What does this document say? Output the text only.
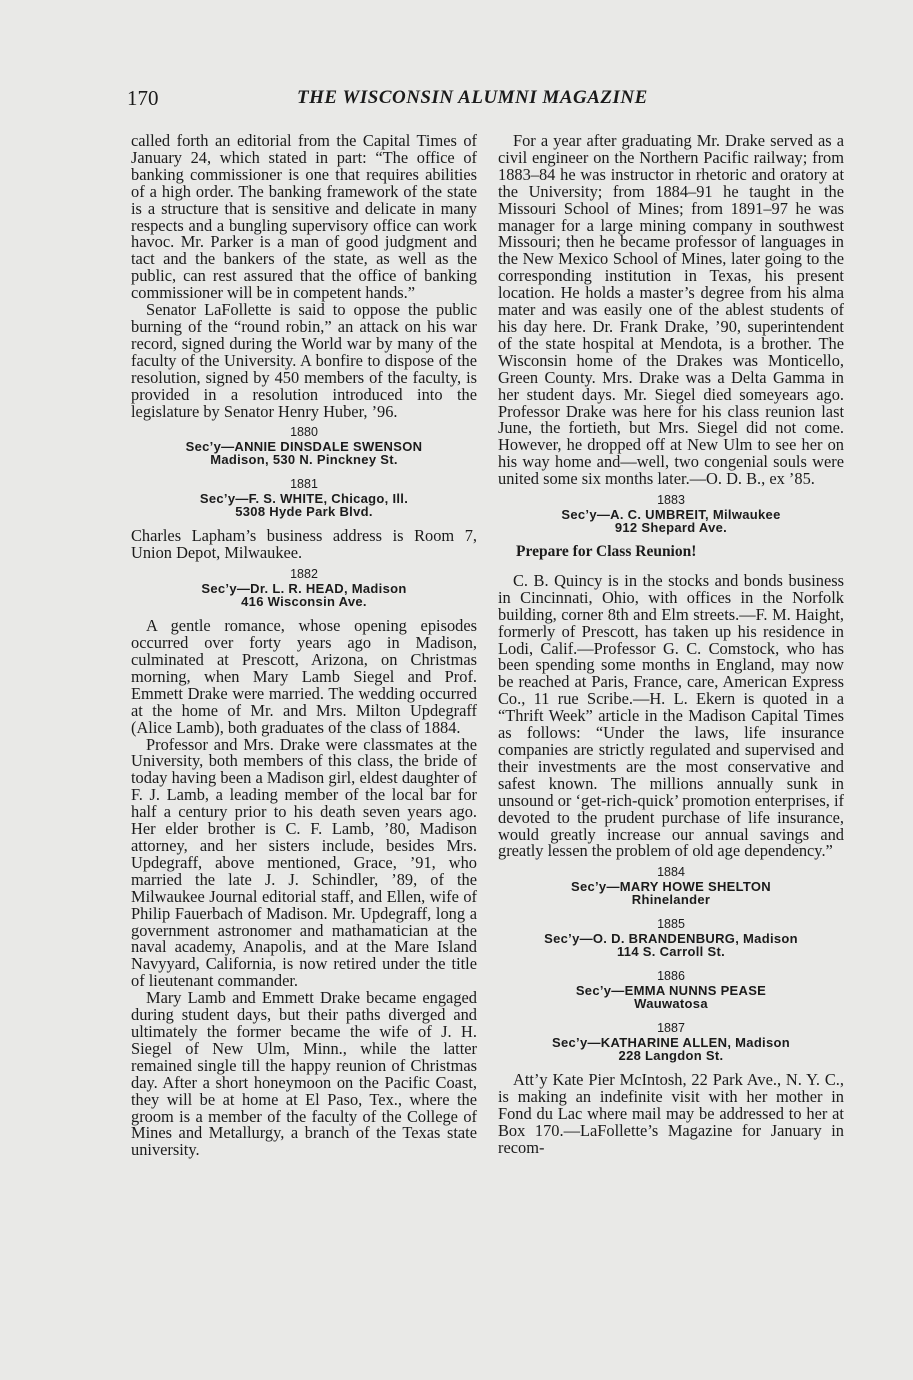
170	THE WISCONSIN ALUMNI MAGAZINE

called forth an editorial from the Capital Times of January 24, which stated in part: “The office of banking commissioner is one that requires abilities of a high order. The banking framework of the state is a structure that is sensitive and delicate in many respects and a bungling supervisory office can work havoc. Mr. Parker is a man of good judgment and tact and the bankers of the state, as well as the public, can rest assured that the office of banking commissioner will be in competent hands.”

Senator LaFollette is said to oppose the public burning of the “round robin,” an attack on his war record, signed during the World war by many of the faculty of the University. A bonfire to dispose of the resolution, signed by 450 members of the faculty, is provided in a resolution introduced into the legislature by Senator Henry Huber, ’96.

1880
Sec’y—ANNIE DINSDALE SWENSON
Madison, 530 N. Pinckney St.
1881
Sec’y—F. S. WHITE, Chicago, Ill.
5308 Hyde Park Blvd.

Charles Lapham’s business address is Room 7, Union Depot, Milwaukee.

1882
Sec’y—Dr. L. R. HEAD, Madison
416 Wisconsin Ave.

A gentle romance, whose opening episodes occurred over forty years ago in Madison, culminated at Prescott, Arizona, on Christmas morning, when Mary Lamb Siegel and Prof. Emmett Drake were married. The wedding occurred at the home of Mr. and Mrs. Milton Updegraff (Alice Lamb), both graduates of the class of 1884.

Professor and Mrs. Drake were classmates at the University, both members of this class, the bride of today having been a Madison girl, eldest daughter of F. J. Lamb, a leading member of the local bar for half a century prior to his death seven years ago. Her elder brother is C. F. Lamb, ’80, Madison attorney, and her sisters include, besides Mrs. Updegraff, above mentioned, Grace, ’91, who married the late J. J. Schindler, ’89, of the Milwaukee Journal editorial staff, and Ellen, wife of Philip Fauerbach of Madison. Mr. Updegraff, long a government astronomer and mathamatician at the naval academy, Anapolis, and at the Mare Island Navyyard, California, is now retired under the title of lieutenant commander.

Mary Lamb and Emmett Drake became engaged during student days, but their paths diverged and ultimately the former became the wife of J. H. Siegel of New Ulm, Minn., while the latter remained single till the happy reunion of Christmas day. After a short honeymoon on the Pacific Coast, they will be at home at El Paso, Tex., where the groom is a member of the faculty of the College of Mines and Metallurgy, a branch of the Texas state university.

For a year after graduating Mr. Drake served as a civil engineer on the Northern Pacific railway; from 1883–84 he was instructor in rhetoric and oratory at the University; from 1884–91 he taught in the Missouri School of Mines; from 1891–97 he was manager for a large mining company in southwest Missouri; then he became professor of languages in the New Mexico School of Mines, later going to the corresponding institution in Texas, his present location. He holds a master’s degree from his alma mater and was easily one of the ablest students of his day here. Dr. Frank Drake, ’90, superintendent of the state hospital at Mendota, is a brother. The Wisconsin home of the Drakes was Monticello, Green County. Mrs. Drake was a Delta Gamma in her student days. Mr. Siegel died someyears ago. Professor Drake was here for his class reunion last June, the fortieth, but Mrs. Siegel did not come. However, he dropped off at New Ulm to see her on his way home and—well, two congenial souls were united some six months later.—O. D. B., ex ’85.

1883
Sec’y—A. C. UMBREIT, Milwaukee
912 Shepard Ave.
Prepare for Class Reunion!

C. B. Quincy is in the stocks and bonds business in Cincinnati, Ohio, with offices in the Norfolk building, corner 8th and Elm streets.—F. M. Haight, formerly of Prescott, has taken up his residence in Lodi, Calif.—Professor G. C. Comstock, who has been spending some months in England, may now be reached at Paris, France, care, American Express Co., 11 rue Scribe.—H. L. Ekern is quoted in a “Thrift Week” article in the Madison Capital Times as follows: “Under the laws, life insurance companies are strictly regulated and supervised and their investments are the most conservative and safest known. The millions annually sunk in unsound or ‘get-rich-quick’ promotion enterprises, if devoted to the prudent purchase of life insurance, would greatly increase our annual savings and greatly lessen the problem of old age dependency.”

1884
Sec’y—MARY HOWE SHELTON
Rhinelander
1885
Sec’y—O. D. BRANDENBURG, Madison
114 S. Carroll St.
1886
Sec’y—EMMA NUNNS PEASE
Wauwatosa
1887
Sec’y—KATHARINE ALLEN, Madison
228 Langdon St.

Att’y Kate Pier McIntosh, 22 Park Ave., N. Y. C., is making an indefinite visit with her mother in Fond du Lac where mail may be addressed to her at Box 170.—LaFollette’s Magazine for January in recom-
